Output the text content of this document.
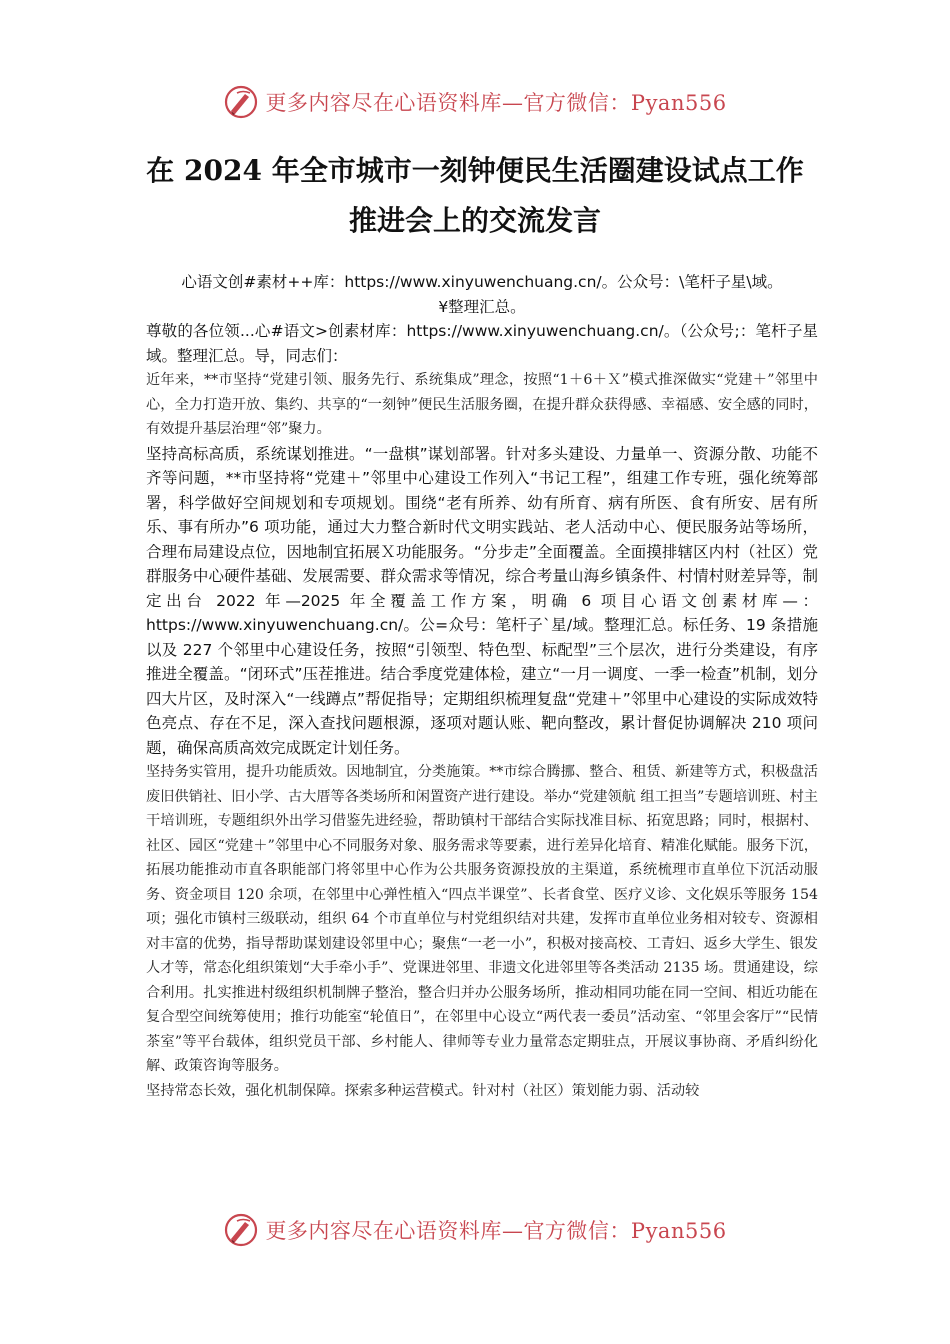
更多内容尽在心语资料库—官方微信：Pyan556
在 2024 年全市城市一刻钟便民生活圈建设试点工作
推进会上的交流发言

心语文创#素材++库：https://www.xinyuwenchuang.cn/。公众号：\笔杆子星\域。

¥整理汇总。

尊敬的各位领...心#语文>创素材库：https://www.xinyuwenchuang.cn/。（公众号;：笔杆子星域。整理汇总。导，同志们：

近年来，**市坚持“党建引领、服务先行、系统集成”理念，按照“1＋6＋Ｘ”模式推深做实“党建＋”邻里中心，全力打造开放、集约、共享的“一刻钟”便民生活服务圈，在提升群众获得感、幸福感、安全感的同时，有效提升基层治理“邻”聚力。

坚持高标高质，系统谋划推进。“一盘棋”谋划部署。针对多头建设、力量单一、资源分散、功能不齐等问题，**市坚持将“党建＋”邻里中心建设工作列入“书记工程”，组建工作专班，强化统筹部署，科学做好空间规划和专项规划。围绕“老有所养、幼有所育、病有所医、食有所安、居有所乐、事有所办”6 项功能，通过大力整合新时代文明实践站、老人活动中心、便民服务站等场所，合理布局建设点位，因地制宜拓展Ｘ功能服务。“分步走”全面覆盖。全面摸排辖区内村（社区）党群服务中心硬件基础、发展需要、群众需求等情况，综合考量山海乡镇条件、村情村财差异等，制定出台 2022 年—2025 年全覆盖工作方案，明确 6 项目心语文创素材库—：https://www.xinyuwenchuang.cn/。公=众号：笔杆子`星/域。整理汇总。标任务、19 条措施以及 227 个邻里中心建设任务，按照“引领型、特色型、标配型”三个层次，进行分类建设，有序推进全覆盖。“闭环式”压茬推进。结合季度党建体检，建立“一月一调度、一季一检查”机制，划分四大片区，及时深入“一线蹲点”帮促指导；定期组织梳理复盘“党建＋”邻里中心建设的实际成效特色亮点、存在不足，深入查找问题根源，逐项对题认账、靶向整改，累计督促协调解决 210 项问题，确保高质高效完成既定计划任务。

坚持务实管用，提升功能质效。因地制宜，分类施策。**市综合腾挪、整合、租赁、新建等方式，积极盘活废旧供销社、旧小学、古大厝等各类场所和闲置资产进行建设。举办“党建领航 组工担当”专题培训班、村主干培训班，专题组织外出学习借鉴先进经验，帮助镇村干部结合实际找准目标、拓宽思路；同时，根据村、社区、园区“党建＋”邻里中心不同服务对象、服务需求等要素，进行差异化培育、精准化赋能。服务下沉，拓展功能推动市直各职能部门将邻里中心作为公共服务资源投放的主渠道，系统梳理市直单位下沉活动服务、资金项目 120 余项，在邻里中心弹性植入“四点半课堂”、长者食堂、医疗义诊、文化娱乐等服务 154 项；强化市镇村三级联动，组织 64 个市直单位与村党组织结对共建，发挥市直单位业务相对较专、资源相对丰富的优势，指导帮助谋划建设邻里中心；聚焦“一老一小”，积极对接高校、工青妇、返乡大学生、银发人才等，常态化组织策划“大手牵小手”、党课进邻里、非遗文化进邻里等各类活动 2135 场。贯通建设，综合利用。扎实推进村级组织机制牌子整治，整合归并办公服务场所，推动相同功能在同一空间、相近功能在复合型空间统筹使用；推行功能室“轮值日”，在邻里中心设立“两代表一委员”活动室、“邻里会客厅”“民情茶室”等平台载体，组织党员干部、乡村能人、律师等专业力量常态定期驻点，开展议事协商、矛盾纠纷化解、政策咨询等服务。

坚持常态长效，强化机制保障。探索多种运营模式。针对村（社区）策划能力弱、活动较

更多内容尽在心语资料库—官方微信：Pyan556
